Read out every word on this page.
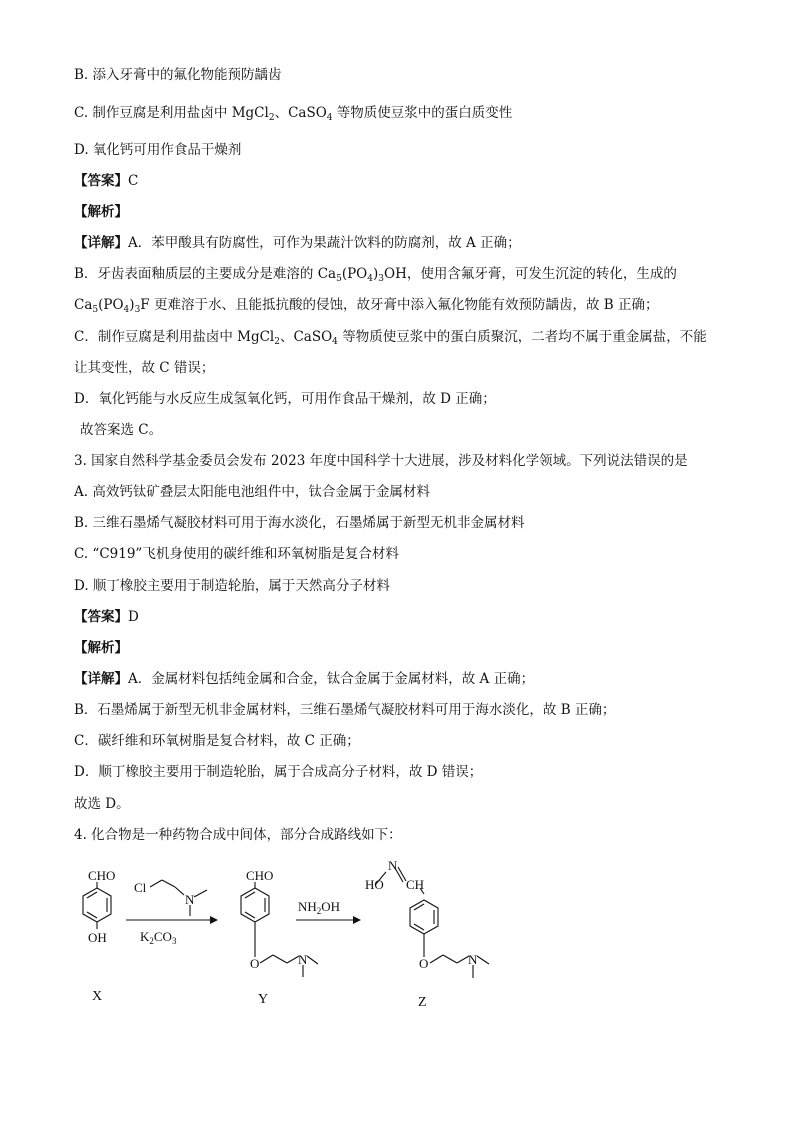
B. 添入牙膏中的氟化物能预防龋齿
C. 制作豆腐是利用盐卤中 MgCl$_2$、CaSO$_4$ 等物质使豆浆中的蛋白质变性
D. 氧化钙可用作食品干燥剂
【答案】C
【解析】
【详解】A．苯甲酸具有防腐性，可作为果蔬汁饮料的防腐剂，故 A 正确；
B．牙齿表面釉质层的主要成分是难溶的 $Ca_5(PO_4)_3OH$，使用含氟牙膏，可发生沉淀的转化，生成的
$Ca_5(PO_4)_3F$ 更难溶于水、且能抵抗酸的侵蚀，故牙膏中添入氟化物能有效预防龋齿，故 B 正确；
C．制作豆腐是利用盐卤中 MgCl$_2$、CaSO$_4$ 等物质使豆浆中的蛋白质聚沉，二者均不属于重金属盐，不能
让其变性，故 C 错误；
D．氧化钙能与水反应生成氢氧化钙，可用作食品干燥剂，故 D 正确；
故答案选 C。
3. 国家自然科学基金委员会发布 2023 年度中国科学十大进展，涉及材料化学领域。下列说法错误的是
A. 高效钙钛矿叠层太阳能电池组件中，钛合金属于金属材料
B. 三维石墨烯气凝胶材料可用于海水淡化，石墨烯属于新型无机非金属材料
C. “C919”飞机身使用的碳纤维和环氧树脂是复合材料
D. 顺丁橡胶主要用于制造轮胎，属于天然高分子材料
【答案】D
【解析】
【详解】A．金属材料包括纯金属和合金，钛合金属于金属材料，故 A 正确；
B．石墨烯属于新型无机非金属材料，三维石墨烯气凝胶材料可用于海水淡化，故 B 正确；
C．碳纤维和环氧树脂是复合材料，故 C 正确；
D．顺丁橡胶主要用于制造轮胎，属于合成高分子材料，故 D 错误；
故选 D。
4. 化合物是一种药物合成中间体，部分合成路线如下：
CHO
OH
X
Cl
N
$K_2CO_3$
CHO
O	N
Y
$NH_2OH$
N
HO CH
O	N
Z
